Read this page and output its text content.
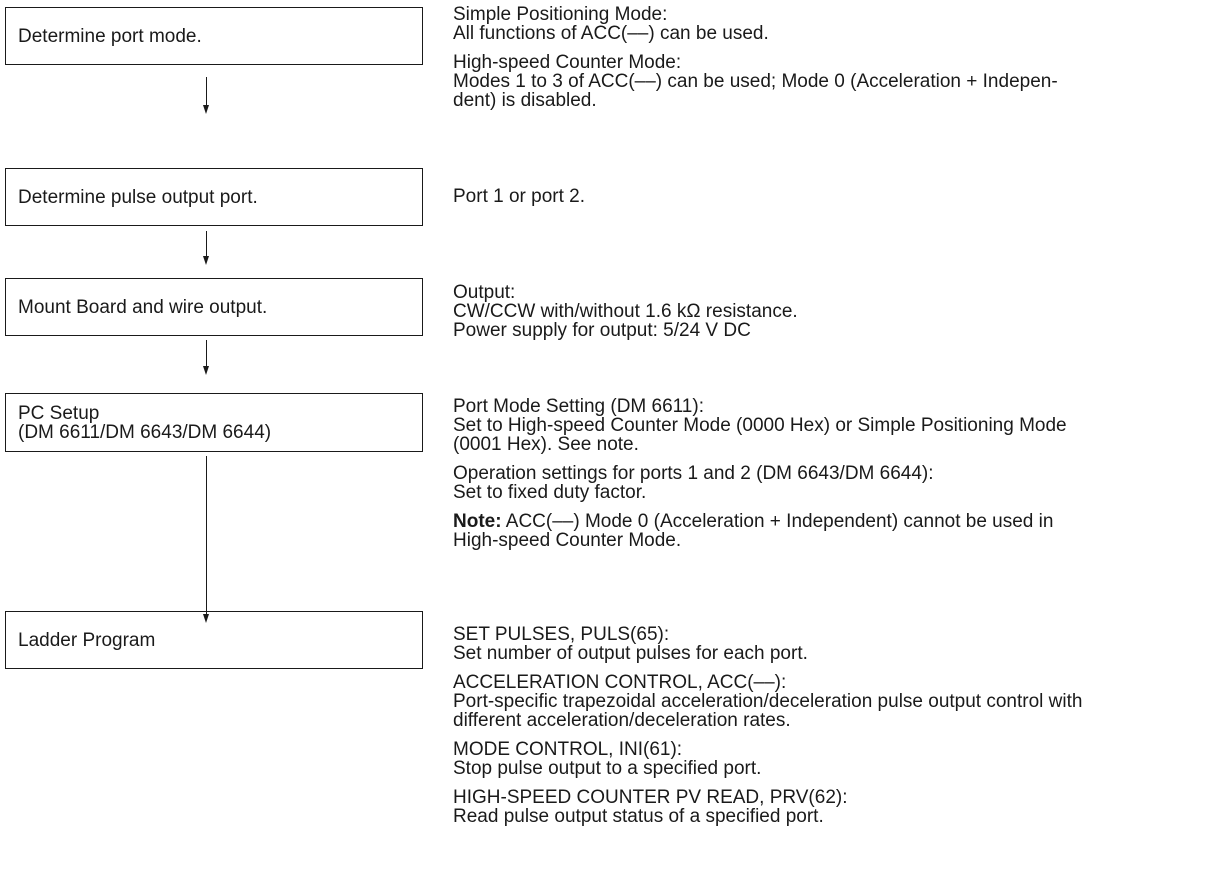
Determine port mode.
Determine pulse output port.
Mount Board and wire output.
PC Setup
(DM 6611/DM 6643/DM 6644)
Ladder Program

Simple Positioning Mode:
All functions of ACC(––) can be used.

High-speed Counter Mode:
Modes 1 to 3 of ACC(––) can be used; Mode 0 (Acceleration + Indepen-
dent) is disabled.

Port 1 or port 2.

Output:
CW/CCW with/without 1.6 kΩ resistance.
Power supply for output: 5/24 V DC

Port Mode Setting (DM 6611):
Set to High-speed Counter Mode (0000 Hex) or Simple Positioning Mode
(0001 Hex). See note.

Operation settings for ports 1 and 2 (DM 6643/DM 6644):
Set to fixed duty factor.

Note: ACC(––) Mode 0 (Acceleration + Independent) cannot be used in
High-speed Counter Mode.

SET PULSES, PULS(65):
Set number of output pulses for each port.

ACCELERATION CONTROL, ACC(––):
Port-specific trapezoidal acceleration/deceleration pulse output control with
different acceleration/deceleration rates.

MODE CONTROL, INI(61):
Stop pulse output to a specified port.

HIGH-SPEED COUNTER PV READ, PRV(62):
Read pulse output status of a specified port.
